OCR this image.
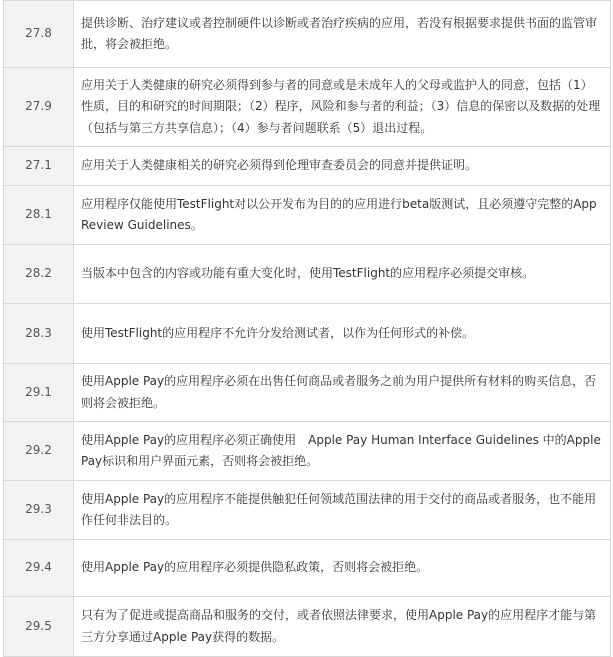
27.8	提供诊断、治疗建议或者控制硬件以诊断或者治疗疾病的应用，若没有根据要求提供书面的监管审批，将会被拒绝。
27.9	应用关于人类健康的研究必须得到参与者的同意或是未成年人的父母或监护人的同意，包括（1）性质，目的和研究的时间期限；（2）程序，风险和参与者的利益；（3）信息的保密以及数据的处理（包括与第三方共享信息）；（4）参与者问题联系（5）退出过程。
27.1	应用关于人类健康相关的研究必须得到伦理审查委员会的同意并提供证明。
28.1	应用程序仅能使用TestFlight对以公开发布为目的的应用进行beta版测试，且必须遵守完整的App Review Guidelines。
28.2	当版本中包含的内容或功能有重大变化时，使用TestFlight的应用程序必须提交审核。
28.3	使用TestFlight的应用程序不允许分发给测试者，以作为任何形式的补偿。
29.1	使用Apple Pay的应用程序必须在出售任何商品或者服务之前为用户提供所有材料的购买信息，否则将会被拒绝。
29.2	使用Apple Pay的应用程序必须正确使用　Apple Pay Human Interface Guidelines 中的Apple Pay标识和用户界面元素，否则将会被拒绝。
29.3	使用Apple Pay的应用程序不能提供触犯任何领域范围法律的用于交付的商品或者服务，也不能用作任何非法目的。
29.4	使用Apple Pay的应用程序必须提供隐私政策，否则将会被拒绝。
29.5	只有为了促进或提高商品和服务的交付，或者依照法律要求，使用Apple Pay的应用程序才能与第三方分享通过Apple Pay获得的数据。
